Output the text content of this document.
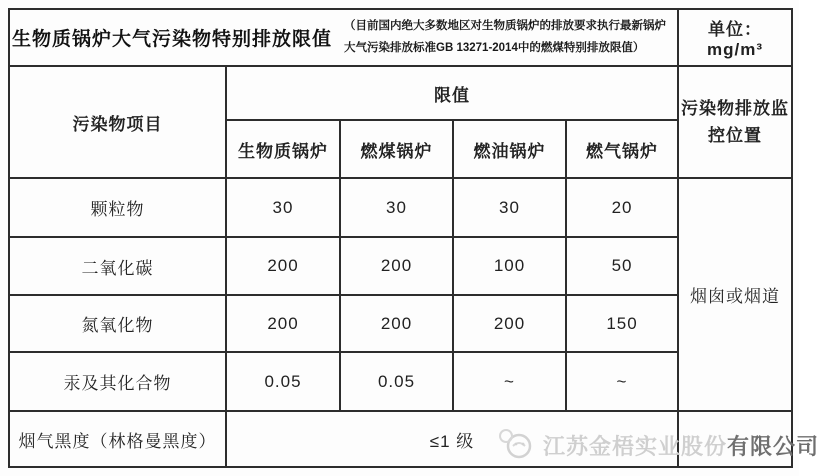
生物质锅炉大气污染物特别排放限值
（目前国内绝大多数地区对生物质锅炉的排放要求执行最新锅炉大气污染排放标准GB 13271-2014中的燃煤特别排放限值）					单位：mg/m³
污染物项目	限值				污染物排放监控位置
	生物质锅炉	燃煤锅炉	燃油锅炉	燃气锅炉	
颗粒物	30	30	30	20	烟囱或烟道
二氧化碳	200	200	100	50	
氮氧化物	200	200	200	150	
汞及其化合物	0.05	0.05	~	~	
烟气黑度（林格曼黑度）	≤1 级					江苏金梧实业股份有限公司
